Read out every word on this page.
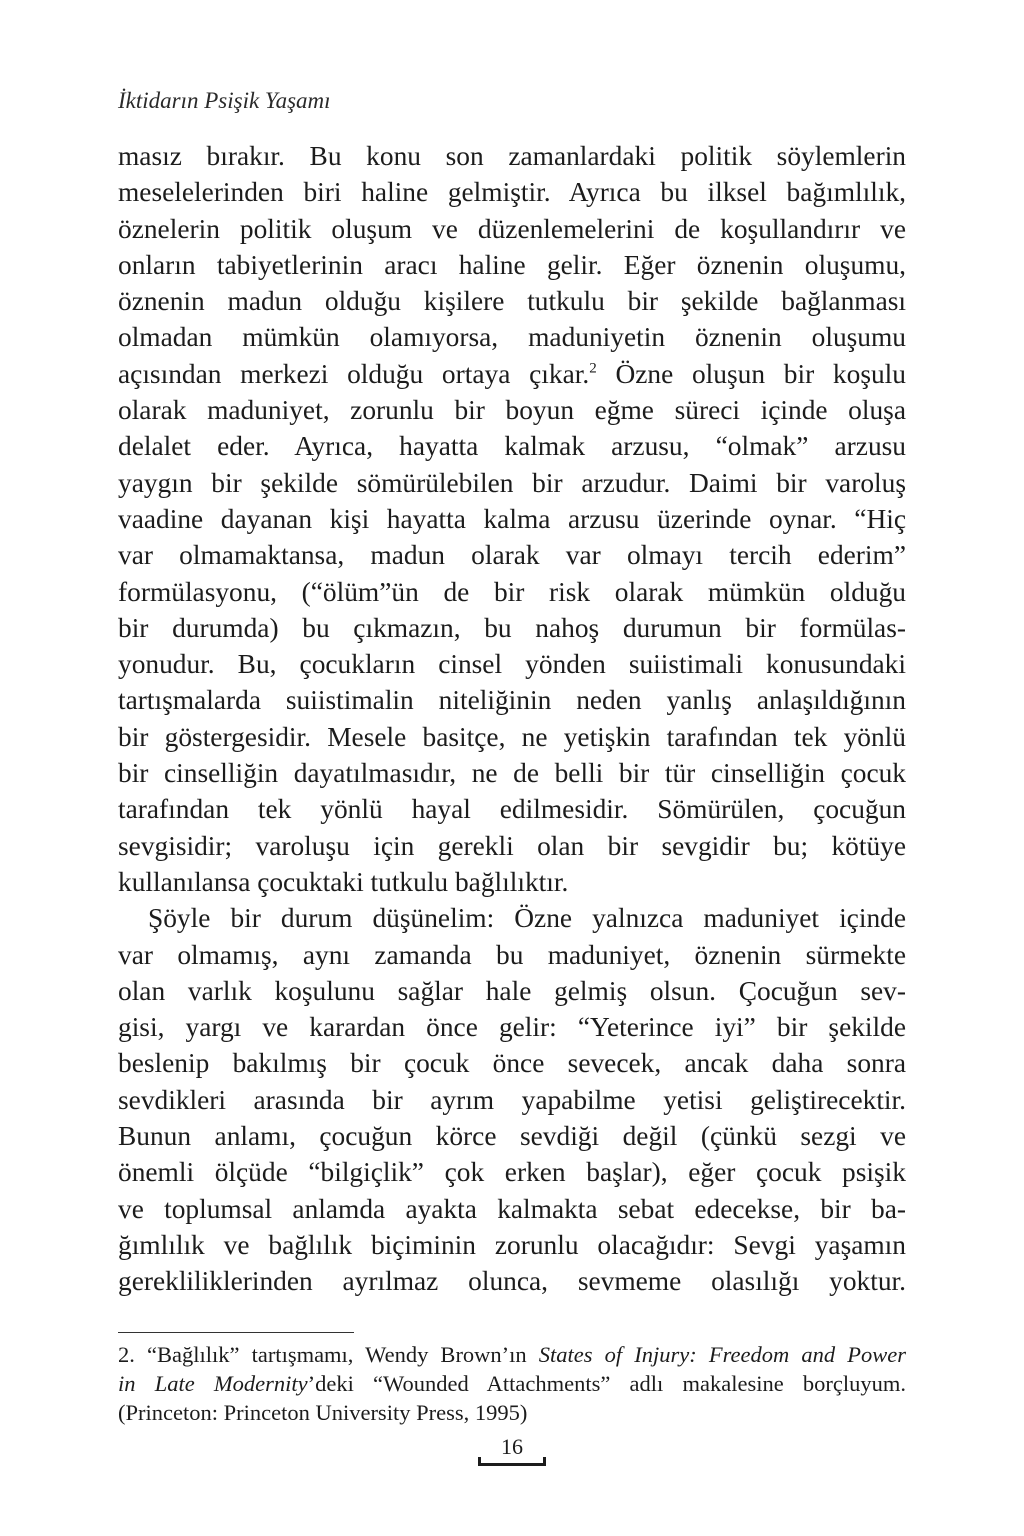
İktidarın Psişik Yaşamı
masız bırakır. Bu konu son zamanlardaki politik söylemlerin
meselelerinden biri haline gelmiştir. Ayrıca bu ilksel bağımlılık,
öznelerin politik oluşum ve düzenlemelerini de koşullandırır ve
onların tabiyetlerinin aracı haline gelir. Eğer öznenin oluşumu,
öznenin madun olduğu kişilere tutkulu bir şekilde bağlanması
olmadan mümkün olamıyorsa, maduniyetin öznenin oluşumu
açısından merkezi olduğu ortaya çıkar.$^2$ Özne oluşun bir koşulu
olarak maduniyet, zorunlu bir boyun eğme süreci içinde oluşa
delalet eder. Ayrıca, hayatta kalmak arzusu, “olmak” arzusu
yaygın bir şekilde sömürülebilen bir arzudur. Daimi bir varoluş
vaadine dayanan kişi hayatta kalma arzusu üzerinde oynar. “Hiç
var olmamaktansa, madun olarak var olmayı tercih ederim”
formülasyonu, (“ölüm”ün de bir risk olarak mümkün olduğu
bir durumda) bu çıkmazın, bu nahoş durumun bir formülas-
yonudur. Bu, çocukların cinsel yönden suiistimali konusundaki
tartışmalarda suiistimalin niteliğinin neden yanlış anlaşıldığının
bir göstergesidir. Mesele basitçe, ne yetişkin tarafından tek yönlü
bir cinselliğin dayatılmasıdır, ne de belli bir tür cinselliğin çocuk
tarafından tek yönlü hayal edilmesidir. Sömürülen, çocuğun
sevgisidir; varoluşu için gerekli olan bir sevgidir bu; kötüye
kullanılansa çocuktaki tutkulu bağlılıktır.
Şöyle bir durum düşünelim: Özne yalnızca maduniyet içinde
var olmamış, aynı zamanda bu maduniyet, öznenin sürmekte
olan varlık koşulunu sağlar hale gelmiş olsun. Çocuğun sev-
gisi, yargı ve karardan önce gelir: “Yeterince iyi” bir şekilde
beslenip bakılmış bir çocuk önce sevecek, ancak daha sonra
sevdikleri arasında bir ayrım yapabilme yetisi geliştirecektir.
Bunun anlamı, çocuğun körce sevdiği değil (çünkü sezgi ve
önemli ölçüde “bilgiçlik” çok erken başlar), eğer çocuk psişik
ve toplumsal anlamda ayakta kalmakta sebat edecekse, bir ba-
ğımlılık ve bağlılık biçiminin zorunlu olacağıdır: Sevgi yaşamın
gerekliliklerinden ayrılmaz olunca, sevmeme olasılığı yoktur.
2. “Bağlılık” tartışmamı, Wendy Brown’ın States of Injury: Freedom and Power
in Late Modernity’deki “Wounded Attachments” adlı makalesine borçluyum.
(Princeton: Princeton University Press, 1995)
16
